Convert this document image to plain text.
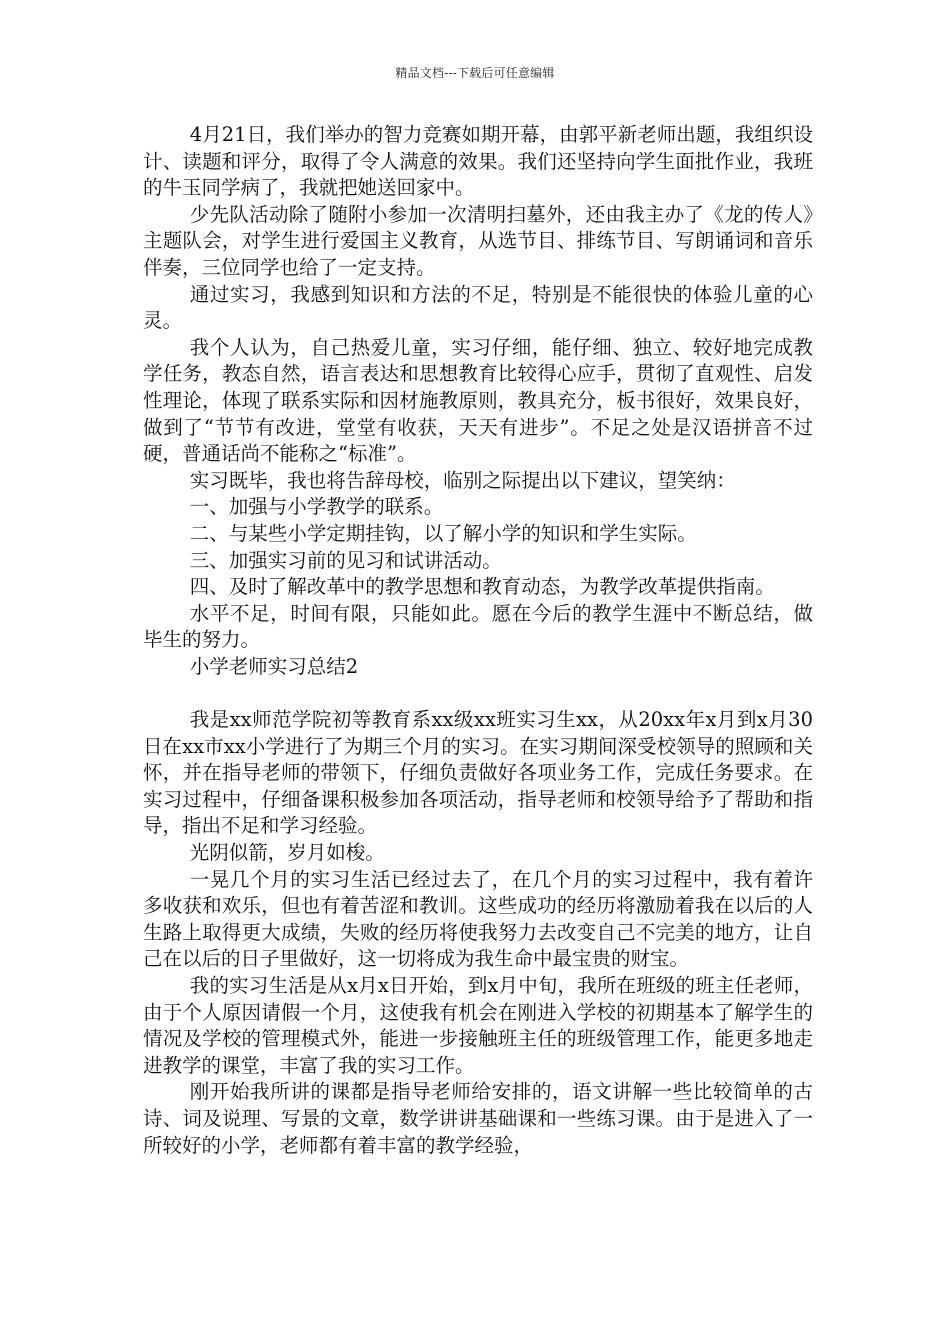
精品文档---下载后可任意编辑

4月21日，我们举办的智力竞赛如期开幕，由郭平新老师出题，我组织设计、读题和评分，取得了令人满意的效果。我们还坚持向学生面批作业，我班的牛玉同学病了，我就把她送回家中。

少先队活动除了随附小参加一次清明扫墓外，还由我主办了《龙的传人》主题队会，对学生进行爱国主义教育，从选节目、排练节目、写朗诵词和音乐伴奏，三位同学也给了一定支持。

通过实习，我感到知识和方法的不足，特别是不能很快的体验儿童的心灵。

我个人认为，自己热爱儿童，实习仔细，能仔细、独立、较好地完成教学任务，教态自然，语言表达和思想教育比较得心应手，贯彻了直观性、启发性理论，体现了联系实际和因材施教原则，教具充分，板书很好，效果良好，做到了“节节有改进，堂堂有收获，天天有进步”。不足之处是汉语拼音不过硬，普通话尚不能称之“标准”。

实习既毕，我也将告辞母校，临别之际提出以下建议，望笑纳：

一、加强与小学教学的联系。

二、与某些小学定期挂钩，以了解小学的知识和学生实际。

三、加强实习前的见习和试讲活动。

四、及时了解改革中的教学思想和教育动态，为教学改革提供指南。

水平不足，时间有限，只能如此。愿在今后的教学生涯中不断总结，做毕生的努力。

小学老师实习总结2

我是xx师范学院初等教育系xx级xx班实习生xx，从20xx年x月到x月30日在xx市xx小学进行了为期三个月的实习。在实习期间深受校领导的照顾和关怀，并在指导老师的带领下，仔细负责做好各项业务工作，完成任务要求。在实习过程中，仔细备课积极参加各项活动，指导老师和校领导给予了帮助和指导，指出不足和学习经验。

光阴似箭，岁月如梭。

一晃几个月的实习生活已经过去了，在几个月的实习过程中，我有着许多收获和欢乐，但也有着苦涩和教训。这些成功的经历将激励着我在以后的人生路上取得更大成绩，失败的经历将使我努力去改变自己不完美的地方，让自己在以后的日子里做好，这一切将成为我生命中最宝贵的财宝。

我的实习生活是从x月x日开始，到x月中旬，我所在班级的班主任老师，由于个人原因请假一个月，这使我有机会在刚进入学校的初期基本了解学生的情况及学校的管理模式外，能进一步接触班主任的班级管理工作，能更多地走进教学的课堂，丰富了我的实习工作。

刚开始我所讲的课都是指导老师给安排的，语文讲解一些比较简单的古诗、词及说理、写景的文章，数学讲讲基础课和一些练习课。由于是进入了一所较好的小学，老师都有着丰富的教学经验，
